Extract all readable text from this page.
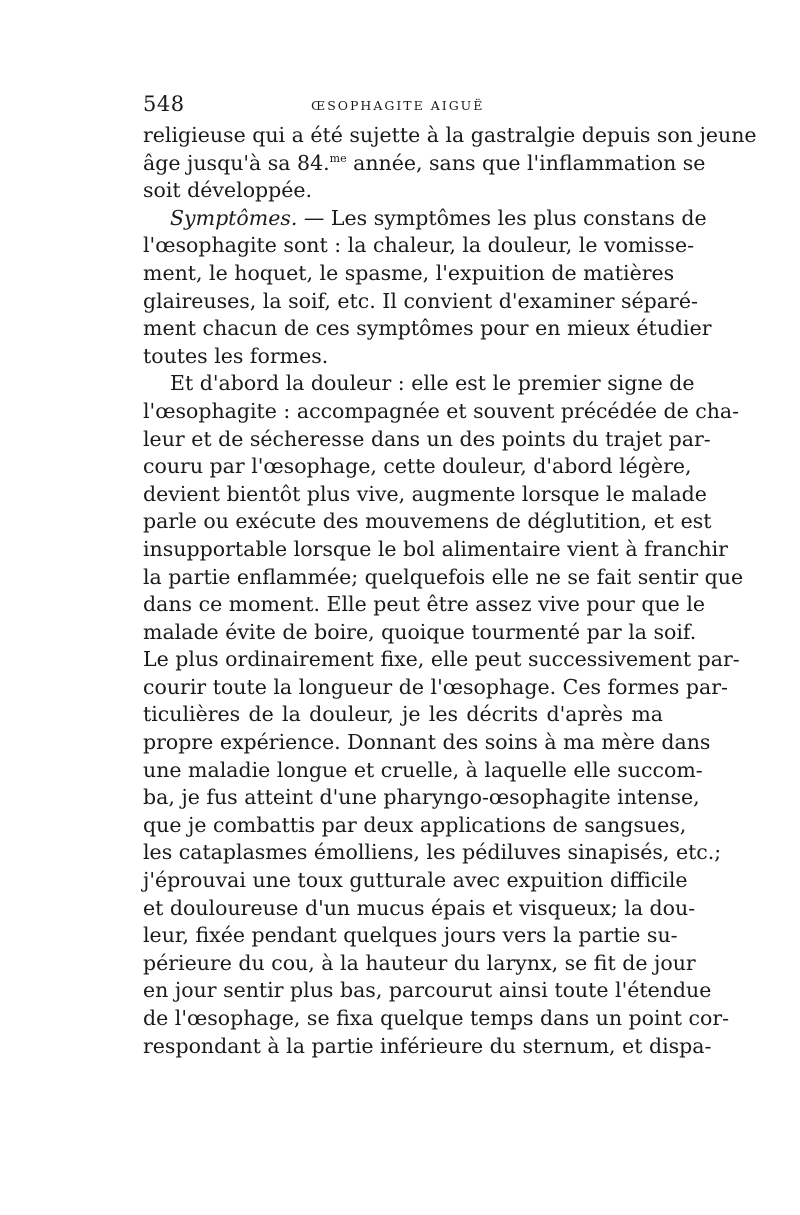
548	ŒSOPHAGITE AIGUË
religieuse qui a été sujette à la gastralgie depuis son jeune
âge jusqu'à sa 84.$^{me}$ année, sans que l'inflammation se
soit développée.
Symptômes. — Les symptômes les plus constans de
l'œsophagite sont : la chaleur, la douleur, le vomisse-
ment, le hoquet, le spasme, l'expuition de matières
glaireuses, la soif, etc. Il convient d'examiner séparé-
ment chacun de ces symptômes pour en mieux étudier
toutes les formes.
Et d'abord la douleur : elle est le premier signe de
l'œsophagite : accompagnée et souvent précédée de cha-
leur et de sécheresse dans un des points du trajet par-
couru par l'œsophage, cette douleur, d'abord légère,
devient bientôt plus vive, augmente lorsque le malade
parle ou exécute des mouvemens de déglutition, et est
insupportable lorsque le bol alimentaire vient à franchir
la partie enflammée; quelquefois elle ne se fait sentir que
dans ce moment. Elle peut être assez vive pour que le
malade évite de boire, quoique tourmenté par la soif.
Le plus ordinairement fixe, elle peut successivement par-
courir toute la longueur de l'œsophage. Ces formes par-
ticulières de la douleur, je les décrits d'après ma
propre expérience. Donnant des soins à ma mère dans
une maladie longue et cruelle, à laquelle elle succom-
ba, je fus atteint d'une pharyngo-œsophagite intense,
que je combattis par deux applications de sangsues,
les cataplasmes émolliens, les pédiluves sinapisés, etc.;
j'éprouvai une toux gutturale avec expuition difficile
et douloureuse d'un mucus épais et visqueux; la dou-
leur, fixée pendant quelques jours vers la partie su-
périeure du cou, à la hauteur du larynx, se fit de jour
en jour sentir plus bas, parcourut ainsi toute l'étendue
de l'œsophage, se fixa quelque temps dans un point cor-
respondant à la partie inférieure du sternum, et dispa-
